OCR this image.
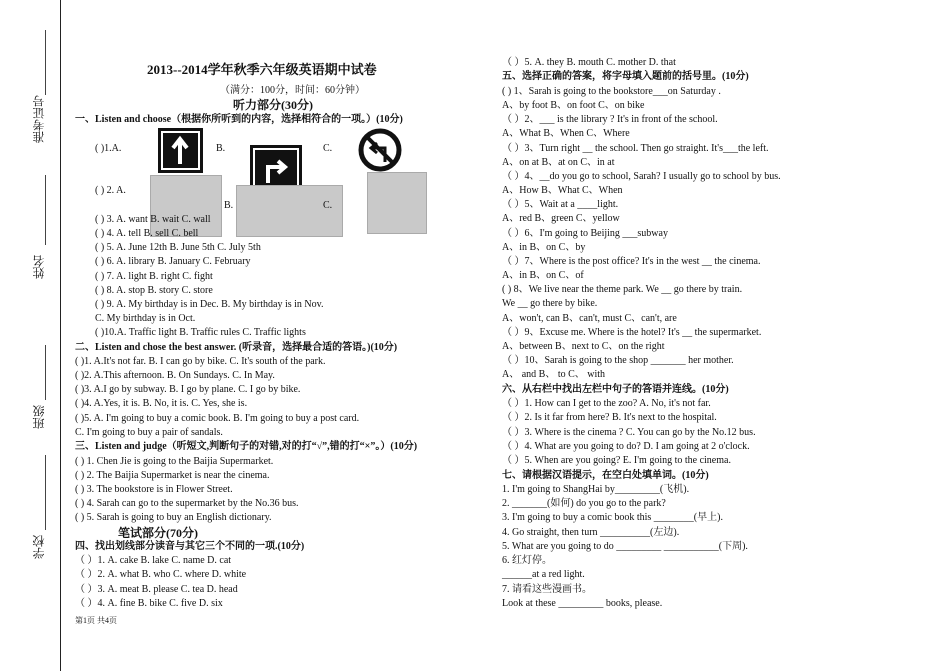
准考证号
姓名
班级
学校
2013--2014学年秋季六年级英语期中试卷
（满分：100分，时间：60分钟）
听力部分(30分)
一、Listen and choose（根据你所听到的内容，选择相符合的一项。）(10分)
( )1.A.	B.	C.
( ) 2. A.
B.	C.
( ) 3. A. want B. wait C. wall
( ) 4. A. tell B. sell C. bell
( ) 5. A. June 12th B. June 5th C. July 5th
( ) 6. A. library B. January C. February
( ) 7. A. light B. right C. fight
( ) 8. A. stop B. story C. store
( ) 9. A. My birthday is in Dec. B. My birthday is in Nov.
C. My birthday is in Oct.
( )10.A. Traffic light B. Traffic rules C. Traffic lights
二、Listen and chose the best answer. (听录音，选择最合适的答语。)(10分)
( )1. A.It's not far. B. I can go by bike. C. It's south of the park.
( )2. A.This afternoon. B. On Sundays. C. In May.
( )3. A.I go by subway. B. I go by plane. C. I go by bike.
( )4. A.Yes, it is. B. No, it is. C. Yes, she is.
( )5. A. I'm going to buy a comic book. B. I'm going to buy a post card.
C. I'm going to buy a pair of sandals.
三、Listen and judge（听短文,判断句子的对错,对的打“√”,错的打“×”。）(10分)
( ) 1. Chen Jie is going to the Baijia Supermarket.
( ) 2. The Baijia Supermarket is near the cinema.
( ) 3. The bookstore is in Flower Street.
( ) 4. Sarah can go to the supermarket by the No.36 bus.
( ) 5. Sarah is going to buy an English dictionary.
笔试部分(70分)
四、找出划线部分读音与其它三个不同的一项.(10分)
（ ）1. A. cake B. lake C. name D. cat
（ ）2. A. what B. who C. where D. white
（ ）3. A. meat B. please C. tea D. head
（ ）4. A. fine B. bike C. five D. six
第1页 共4页
（ ）5. A. they B. mouth C. mother D. that
五、选择正确的答案，将字母填入题前的括号里。(10分)
( ) 1、Sarah is going to the bookstore___on Saturday .
A、by foot B、on foot C、on bike
（ ）2、___ is the library ? It's in front of the school.
A、What B、When C、Where
（ ）3、Turn right __ the school. Then go straight. It's___the left.
A、on at B、at on C、in at
（ ）4、__do you go to school, Sarah? I usually go to school by bus.
A、How B、What C、When
（ ）5、Wait at a ____light.
A、red B、green C、yellow
（ ）6、I'm going to Beijing ___subway
A、in B、on C、by
（ ）7、Where is the post office? It's in the west __ the cinema.
A、in B、on C、of
( ) 8、We live near the theme park. We __ go there by train.
We __ go there by bike.
A、won't, can B、can't, must C、can't, are
（ ）9、Excuse me. Where is the hotel? It's __ the supermarket.
A、between B、next to C、on the right
（ ）10、Sarah is going to the shop _______ her mother.
A、 and B、 to C、 with
六、从右栏中找出左栏中句子的答语并连线。(10分)
（ ）1. How can I get to the zoo? A. No, it's not far.
（ ）2. Is it far from here? B. It's next to the hospital.
（ ）3. Where is the cinema ? C. You can go by the No.12 bus.
（ ）4. What are you going to do? D. I am going at 2 o'clock.
（ ）5. When are you going? E. I'm going to the cinema.
七、请根据汉语提示，在空白处填单词。(10分)
1. I'm going to ShangHai by_________(飞机).
2. _______(如何) do you go to the park?
3. I'm going to buy a comic book this ________(早上).
4. Go straight, then turn __________(左边).
5. What are you going to do _________ ___________(下周).
6. 红灯停。
______at a red light.
7. 请看这些漫画书。
Look at these _________ books, please.
